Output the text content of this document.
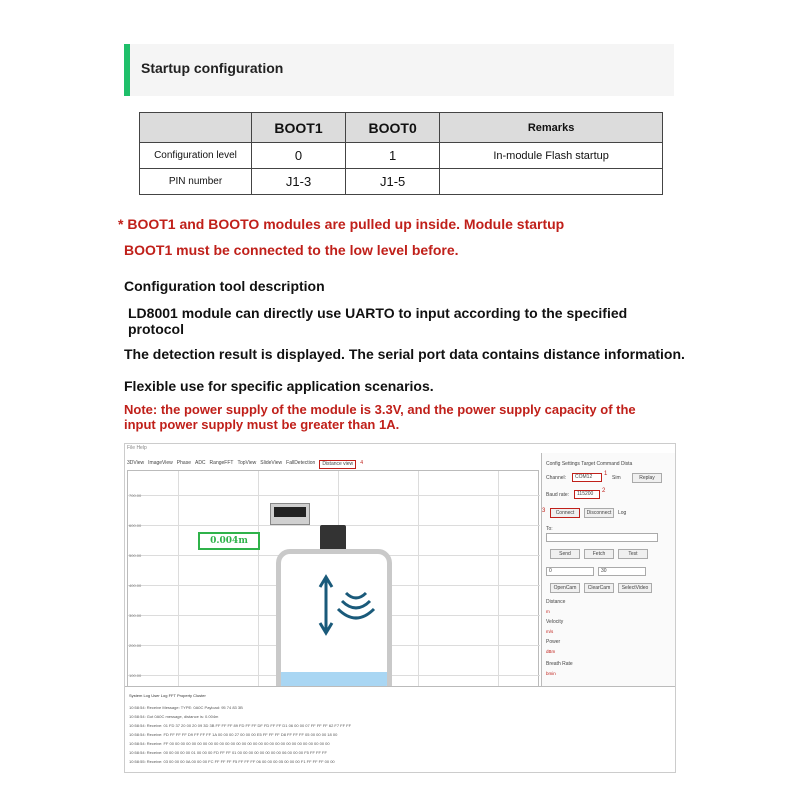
Startup configuration
	BOOT1	BOOT0	Remarks
Configuration level	0	1	In-module Flash startup
PIN number	J1-3	J1-5	
* BOOT1 and BOOTO modules are pulled up inside. Module startup
BOOT1 must be connected to the low level before.
Configuration tool description
LD8001 module can directly use UARTO to input according to the specified
protocol
The detection result is displayed. The serial port data contains distance information.
Flexible use for specific application scenarios.
Note: the power supply of the module is 3.3V, and the power supply capacity of the
input power supply must be greater than 1A.
File Help
3DView ImageView Phase ADC RangeFFT TopView SlideView FallDetection	Distance view	4
700.00
600.00
500.00
400.00
300.00
200.00
100.00
0.004m
Config Settings Target Command Dista
Channel:	COM12	1
Sim	Replay
Baud rate:	115200	2
3	Connect	Disconnect	Log
To:
Send	Fetch	Test
0	30
OpenCam	ClearCam	SelectVideo
Distance
m
Velocity
m/s
Power
dBm
Breath Rate
bmin
System Log User Log FFT Property Cluster
10:58:54: Receive Message: TYPE: 0A0C Payload: 95 74 83 3B
10:58:54: Got 0A0C message, distance is: 0.004m
10:58:54: Receive: 01 FD 37 20 00 20 09 3D 3B FF FF FF 89 FD FF FF DF FD FF FF D1 06 00 00 07 FF FF FF 62 F7 FF FF
10:58:54: Receive: FD FF FF FF D9 FF FF FF 1A 00 00 00 27 00 00 00 E5 FF FF FF D8 FF FF FF 05 00 00 00 18 00
10:58:54: Receive: FF 00 00 00 00 00 00 00 00 00 00 00 00 00 00 00 00 00 00 00 00 00 00 00 00 00 00 00 00 00
10:58:54: Receive: 00 00 00 00 00 01 00 00 00 FD FF FF 01 00 00 00 00 00 00 00 00 06 00 00 00 F5 FF FF FF
10:58:55: Receive: 03 00 00 00 0A 00 00 00 FC FF FF FF F5 FF FF FF 06 00 00 00 05 00 00 00 F1 FF FF FF 00 00
